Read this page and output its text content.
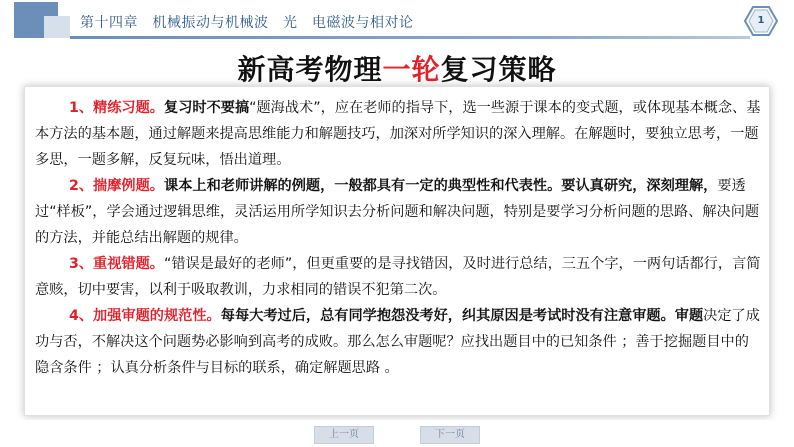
第十四章　机械振动与机械波　光　电磁波与相对论	1
新高考物理一轮复习策略

1、精练习题。复习时不要搞“题海战术”，应在老师的指导下，选一些源于课本的变式题，或体现基本概念、基本方法的基本题，通过解题来提高思维能力和解题技巧，加深对所学知识的深入理解。在解题时，要独立思考，一题多思，一题多解，反复玩味，悟出道理。

2、揣摩例题。课本上和老师讲解的例题，一般都具有一定的典型性和代表性。要认真研究，深刻理解，要透过“样板”，学会通过逻辑思维，灵活运用所学知识去分析问题和解决问题，特别是要学习分析问题的思路、解决问题的方法，并能总结出解题的规律。

3、重视错题。“错误是最好的老师”，但更重要的是寻找错因，及时进行总结，三五个字，一两句话都行，言简意赅，切中要害，以利于吸取教训，力求相同的错误不犯第二次。

4、加强审题的规范性。每每大考过后，总有同学抱怨没考好，纠其原因是考试时没有注意审题。审题决定了成功与否，不解决这个问题势必影响到高考的成败。那么怎么审题呢？应找出题目中的已知条件 ；善于挖掘题目中的隐含条件 ；认真分析条件与目标的联系，确定解题思路 。

上一页	下一页
